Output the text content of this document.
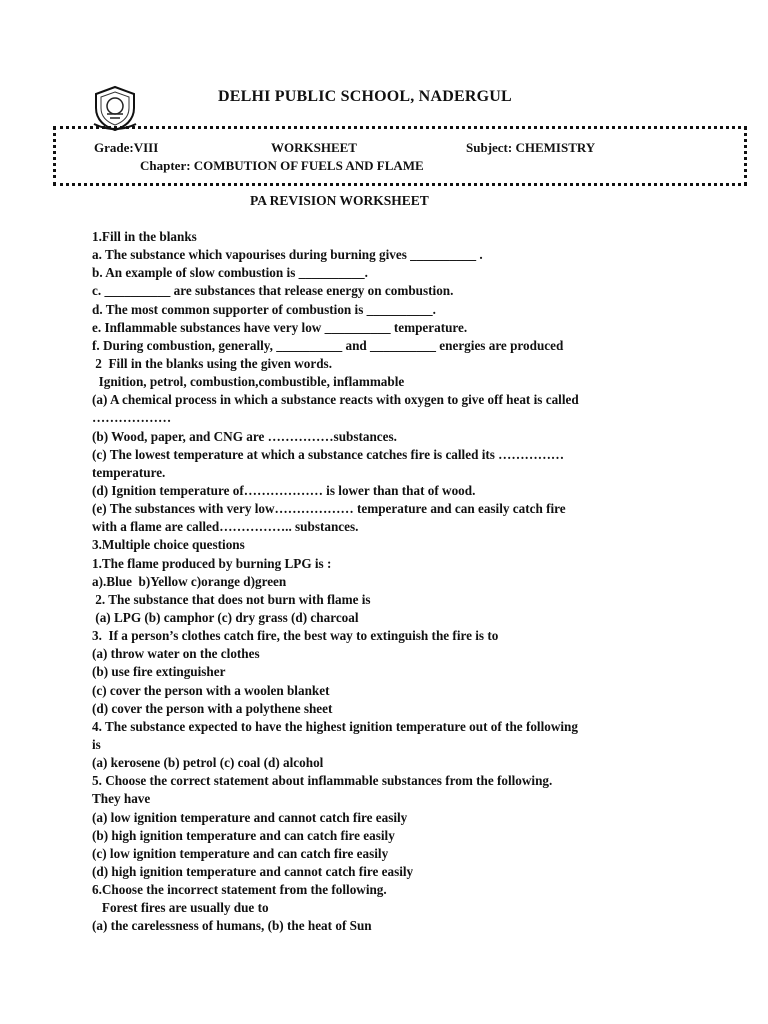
DELHI PUBLIC SCHOOL, NADERGUL
Grade:VIII	WORKSHEET	Subject: CHEMISTRY
Chapter: COMBUTION OF FUELS AND FLAME
PA REVISION WORKSHEET
1.Fill in the blanks
a. The substance which vapourises during burning gives __________ .
b. An example of slow combustion is __________.
c. __________ are substances that release energy on combustion.
d. The most common supporter of combustion is __________.
e. Inflammable substances have very low __________ temperature.
f. During combustion, generally, __________ and __________ energies are produced
2  Fill in the blanks using the given words.
Ignition, petrol, combustion,combustible, inflammable
(a) A chemical process in which a substance reacts with oxygen to give off heat is called
………………
(b) Wood, paper, and CNG are ……………substances.
(c) The lowest temperature at which a substance catches fire is called its ……………
temperature.
(d) Ignition temperature of……………… is lower than that of wood.
(e) The substances with very low……………… temperature and can easily catch fire
with a flame are called…………….. substances.
3.Multiple choice questions
1.The flame produced by burning LPG is :
a).Blue  b)Yellow c)orange d)green
2. The substance that does not burn with flame is
(a) LPG (b) camphor (c) dry grass (d) charcoal
3.  If a person’s clothes catch fire, the best way to extinguish the fire is to
(a) throw water on the clothes
(b) use fire extinguisher
(c) cover the person with a woolen blanket
(d) cover the person with a polythene sheet
4. The substance expected to have the highest ignition temperature out of the following
is
(a) kerosene (b) petrol (c) coal (d) alcohol
5. Choose the correct statement about inflammable substances from the following.
They have
(a) low ignition temperature and cannot catch fire easily
(b) high ignition temperature and can catch fire easily
(c) low ignition temperature and can catch fire easily
(d) high ignition temperature and cannot catch fire easily
6.Choose the incorrect statement from the following.
Forest fires are usually due to
(a) the carelessness of humans, (b) the heat of Sun
